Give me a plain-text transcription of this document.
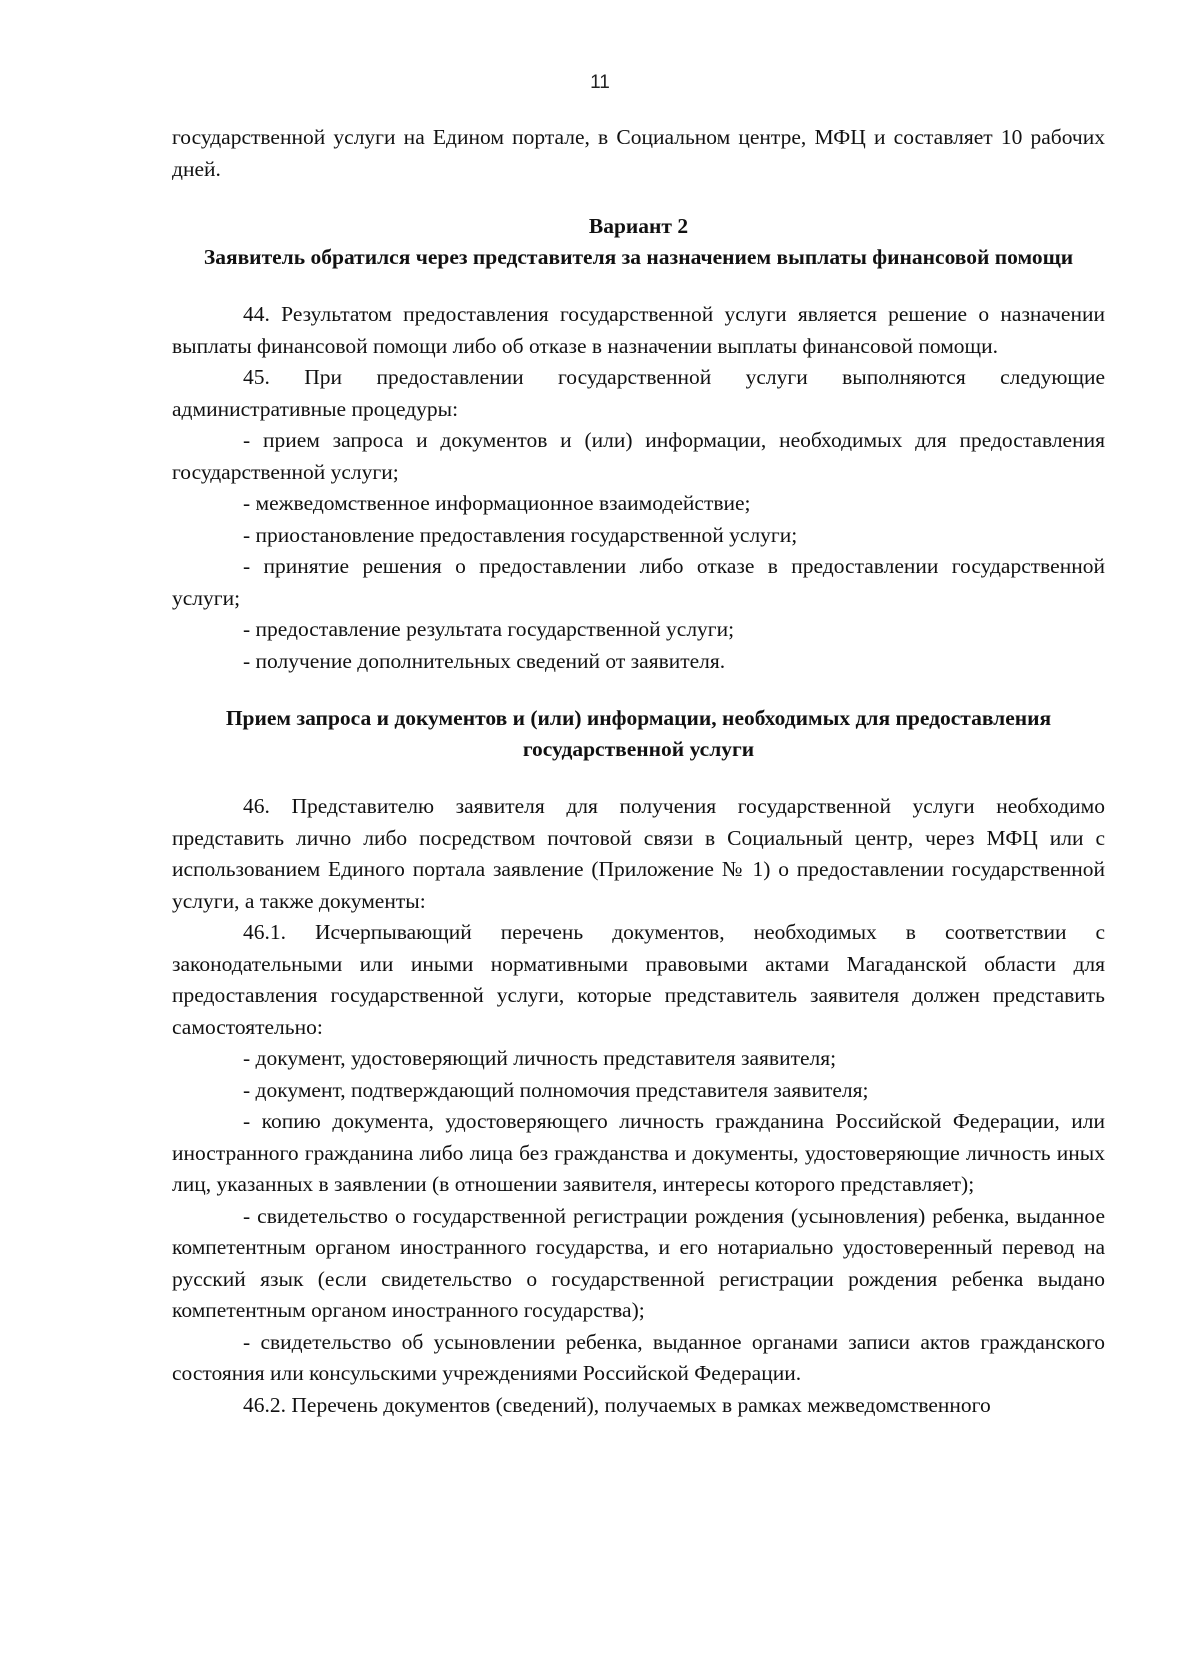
11

государственной услуги на Едином портале, в Социальном центре, МФЦ и составляет 10 рабочих дней.

Вариант 2

Заявитель обратился через представителя за назначением выплаты финансовой помощи

44. Результатом предоставления государственной услуги является решение о назначении выплаты финансовой помощи либо об отказе в назначении выплаты финансовой помощи.

45. При предоставлении государственной услуги выполняются следующие административные процедуры:

- прием запроса и документов и (или) информации, необходимых для предоставления государственной услуги;

- межведомственное информационное взаимодействие;

- приостановление предоставления государственной услуги;

- принятие решения о предоставлении либо отказе в предоставлении государственной услуги;

- предоставление результата государственной услуги;

- получение дополнительных сведений от заявителя.

Прием запроса и документов и (или) информации, необходимых для предоставления государственной услуги

46. Представителю заявителя для получения государственной услуги необходимо представить лично либо посредством почтовой связи в Социальный центр, через МФЦ или с использованием Единого портала заявление (Приложение № 1) о предоставлении государственной услуги, а также документы:

46.1. Исчерпывающий перечень документов, необходимых в соответствии с законодательными или иными нормативными правовыми актами Магаданской области для предоставления государственной услуги, которые представитель заявителя должен представить самостоятельно:

- документ, удостоверяющий личность представителя заявителя;

- документ, подтверждающий полномочия представителя заявителя;

- копию документа, удостоверяющего личность гражданина Российской Федерации, или иностранного гражданина либо лица без гражданства и документы, удостоверяющие личность иных лиц, указанных в заявлении (в отношении заявителя, интересы которого представляет);

- свидетельство о государственной регистрации рождения (усыновления) ребенка, выданное компетентным органом иностранного государства, и его нотариально удостоверенный перевод на русский язык (если свидетельство о государственной регистрации рождения ребенка выдано компетентным органом иностранного государства);

- свидетельство об усыновлении ребенка, выданное органами записи актов гражданского состояния или консульскими учреждениями Российской Федерации.

46.2. Перечень документов (сведений), получаемых в рамках межведомственного
